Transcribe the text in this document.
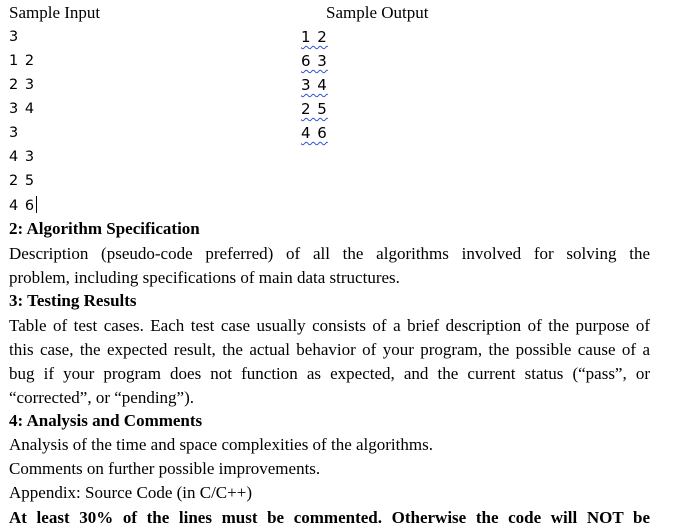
Sample Input	Sample Output
3
1 2
2 3
3 4
3
4 3
2 5
4 6
1 2
6 3
3 4
2 5
4 6
2: Algorithm Specification
Description (pseudo-code preferred) of all the algorithms involved for solving the
problem, including specifications of main data structures.
3: Testing Results
Table of test cases. Each test case usually consists of a brief description of the purpose of
this case, the expected result, the actual behavior of your program, the possible cause of a
bug if your program does not function as expected, and the current status (“pass”, or
“corrected”, or “pending”).
4: Analysis and Comments
Analysis of the time and space complexities of the algorithms.
Comments on further possible improvements.
Appendix: Source Code (in C/C++)
At least 30% of the lines must be commented. Otherwise the code will NOT be
